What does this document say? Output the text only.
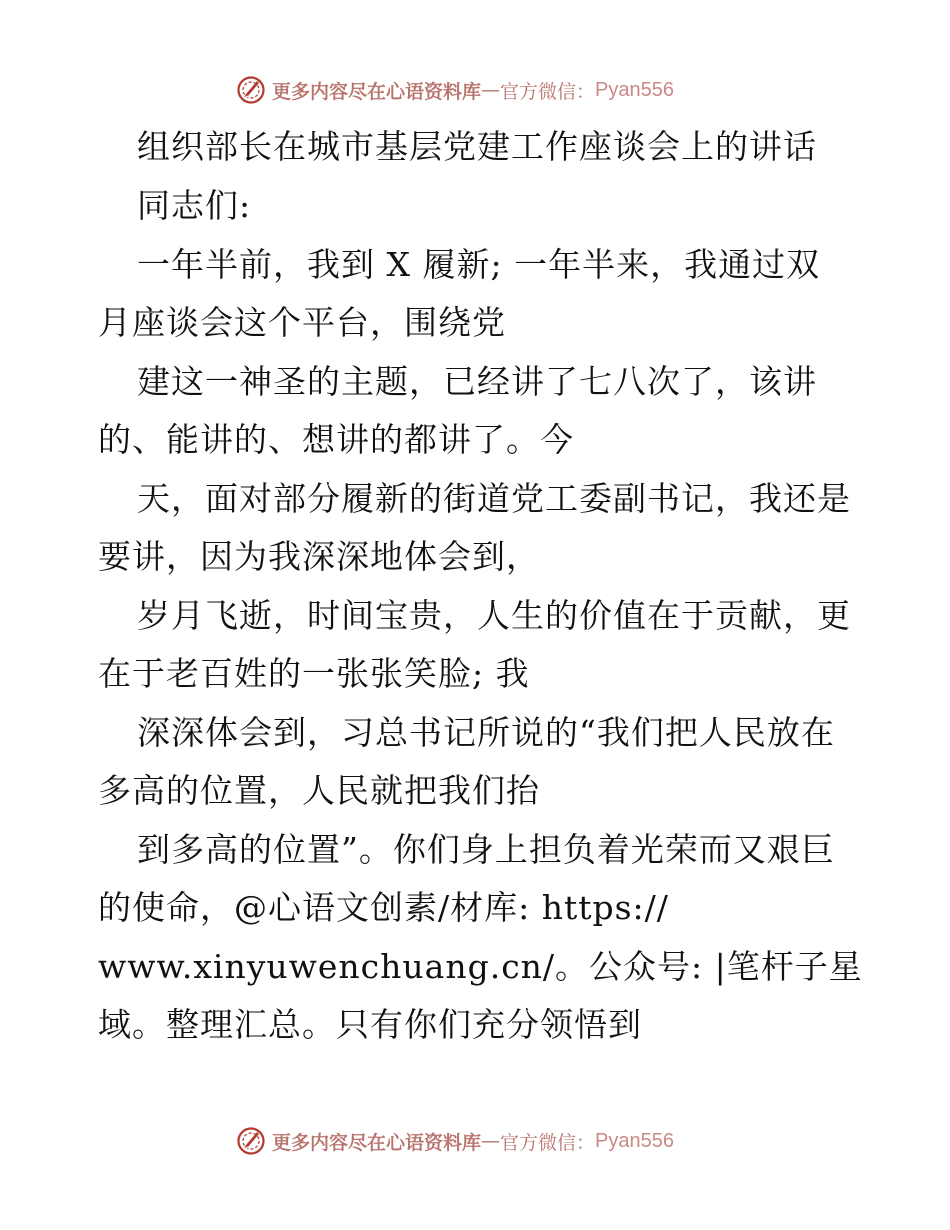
更多内容尽在心语资料库 — 官方微信： Pyan556
组织部长在城市基层党建工作座谈会上的讲话
同志们:
一年半前，我到 X 履新; 一年半来，我通过双
月座谈会这个平台，围绕党
建这一神圣的主题，已经讲了七八次了，该讲
的、能讲的、想讲的都讲了。今
天，面对部分履新的街道党工委副书记，我还是
要讲，因为我深深地体会到，
岁月飞逝，时间宝贵，人生的价值在于贡献，更
在于老百姓的一张张笑脸; 我
深深体会到，习总书记所说的“我们把人民放在
多高的位置，人民就把我们抬
到多高的位置”。你们身上担负着光荣而又艰巨
的使命，@心语文创素/材库: https://
www.xinyuwenchuang.cn/。公众号: |笔杆子星
域。整理汇总。只有你们充分领悟到
更多内容尽在心语资料库 — 官方微信： Pyan556
